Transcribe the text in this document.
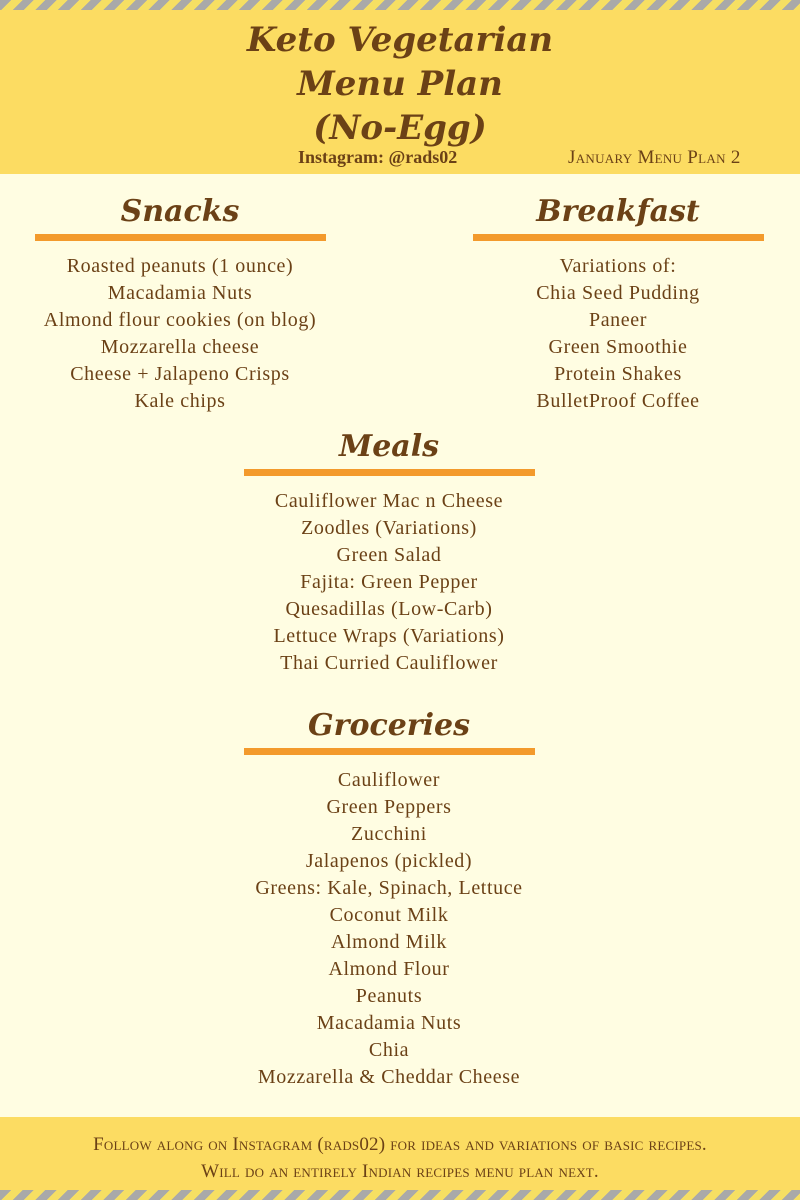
Keto Vegetarian
Menu Plan
(No-Egg)
Instagram: @rads02	January Menu Plan 2
Snacks
Roasted peanuts (1 ounce)
Macadamia Nuts
Almond flour cookies (on blog)
Mozzarella cheese
Cheese + Jalapeno Crisps
Kale chips
Breakfast
Variations of:
Chia Seed Pudding
Paneer
Green Smoothie
Protein Shakes
BulletProof Coffee
Meals
Cauliflower Mac n Cheese
Zoodles (Variations)
Green Salad
Fajita: Green Pepper
Quesadillas (Low-Carb)
Lettuce Wraps (Variations)
Thai Curried Cauliflower
Groceries
Cauliflower
Green Peppers
Zucchini
Jalapenos (pickled)
Greens: Kale, Spinach, Lettuce
Coconut Milk
Almond Milk
Almond Flour
Peanuts
Macadamia Nuts
Chia
Mozzarella & Cheddar Cheese

Follow along on Instagram (rads02) for ideas and variations of basic recipes.

Will do an entirely Indian recipes menu plan next.
